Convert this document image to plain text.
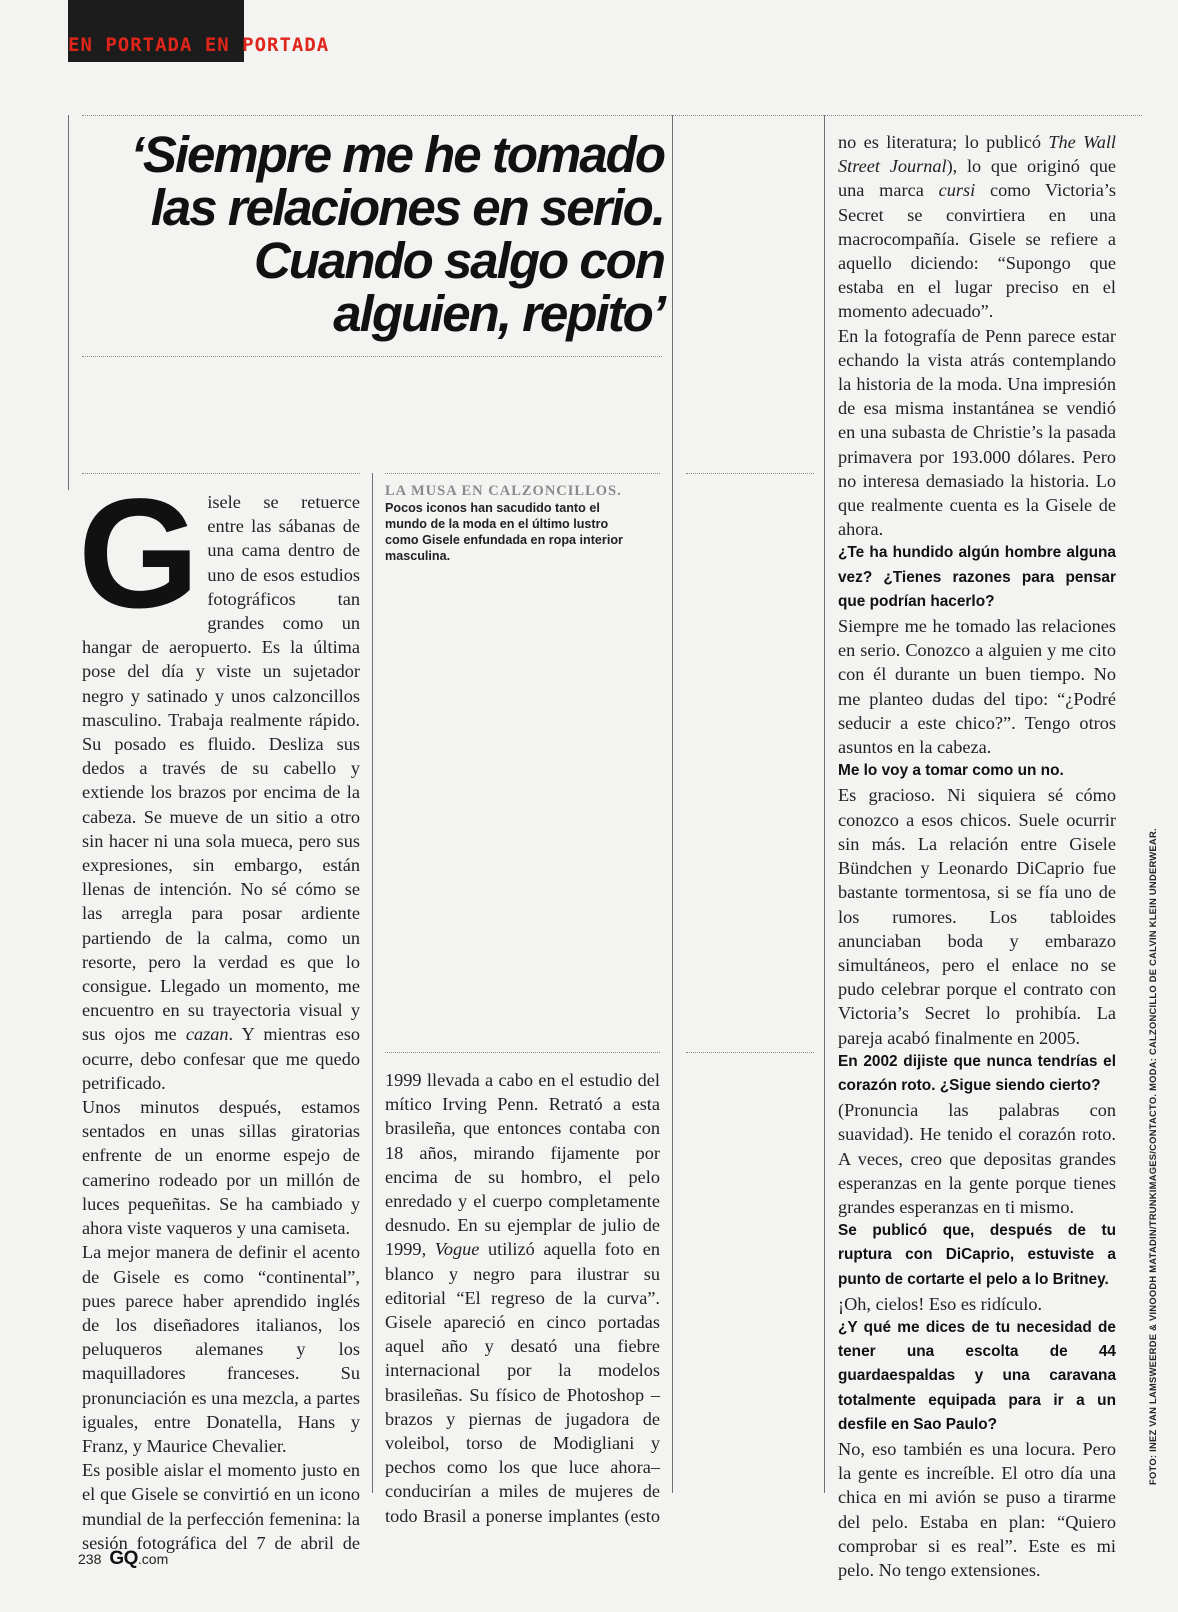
EN PORTADA EN PORTADA
‘Siempre me he tomado las relaciones en serio. Cuando salgo con alguien, repito’
G isele se retuerce entre las sábanas de una cama dentro de uno de esos estudios fotográficos tan grandes como un hangar de aeropuerto. Es la última pose del día y viste un sujetador negro y satinado y unos calzoncillos masculino. Trabaja realmente rápido. Su posado es fluido. Desliza sus dedos a través de su cabello y extiende los brazos por encima de la cabeza. Se mueve de un sitio a otro sin hacer ni una sola mueca, pero sus expresiones, sin embargo, están llenas de intención. No sé cómo se las arregla para posar ardiente partiendo de la calma, como un resorte, pero la verdad es que lo consigue. Llegado un momento, me encuentro en su trayectoria visual y sus ojos me cazan. Y mientras eso ocurre, debo confesar que me quedo petrificado.

Unos minutos después, estamos sentados en unas sillas giratorias enfrente de un enorme espejo de camerino rodeado por un millón de luces pequeñitas. Se ha cambiado y ahora viste vaqueros y una camiseta.

La mejor manera de definir el acento de Gisele es como “continental”, pues parece haber aprendido inglés de los diseñadores italianos, los peluqueros alemanes y los maquilladores franceses. Su pronunciación es una mezcla, a partes iguales, entre Donatella, Hans y Franz, y Maurice Chevalier.

Es posible aislar el momento justo en el que Gisele se convirtió en un icono mundial de la perfección femenina: la sesión fotográfica del 7 de abril de

LA MUSA EN CALZONCILLOS.
Pocos iconos han sacudido tanto el mundo de la moda en el último lustro como Gisele enfundada en ropa interior masculina.

1999 llevada a cabo en el estudio del mítico Irving Penn. Retrató a esta brasileña, que entonces contaba con 18 años, mirando fijamente por encima de su hombro, el pelo enredado y el cuerpo completamente desnudo. En su ejemplar de julio de 1999, Vogue utilizó aquella foto en blanco y negro para ilustrar su editorial “El regreso de la curva”. Gisele apareció en cinco portadas aquel año y desató una fiebre internacional por la modelos brasileñas. Su físico de Photoshop –brazos y piernas de jugadora de voleibol, torso de Modigliani y pechos como los que luce ahora– conducirían a miles de mujeres de todo Brasil a ponerse implantes (esto

no es literatura; lo publicó The Wall Street Journal), lo que originó que una marca cursi como Victoria’s Secret se convirtiera en una macrocompañía. Gisele se refiere a aquello diciendo: “Supongo que estaba en el lugar preciso en el momento adecuado”.

En la fotografía de Penn parece estar echando la vista atrás contemplando la historia de la moda. Una impresión de esa misma instantánea se vendió en una subasta de Christie’s la pasada primavera por 193.000 dólares. Pero no interesa demasiado la historia. Lo que realmente cuenta es la Gisele de ahora.

¿Te ha hundido algún hombre alguna vez? ¿Tienes razones para pensar que podrían hacerlo?

Siempre me he tomado las relaciones en serio. Conozco a alguien y me cito con él durante un buen tiempo. No me planteo dudas del tipo: “¿Podré seducir a este chico?”. Tengo otros asuntos en la cabeza.

Me lo voy a tomar como un no.

Es gracioso. Ni siquiera sé cómo conozco a esos chicos. Suele ocurrir sin más. La relación entre Gisele Bündchen y Leonardo DiCaprio fue bastante tormentosa, si se fía uno de los rumores. Los tabloides anunciaban boda y embarazo simultáneos, pero el enlace no se pudo celebrar porque el contrato con Victoria’s Secret lo prohibía. La pareja acabó finalmente en 2005.

En 2002 dijiste que nunca tendrías el corazón roto. ¿Sigue siendo cierto?

(Pronuncia las palabras con suavidad). He tenido el corazón roto. A veces, creo que depositas grandes esperanzas en la gente porque tienes grandes esperanzas en ti mismo.

Se publicó que, después de tu ruptura con DiCaprio, estuviste a punto de cortarte el pelo a lo Britney.

¡Oh, cielos! Eso es ridículo.

¿Y qué me dices de tu necesidad de tener una escolta de 44 guardaespaldas y una caravana totalmente equipada para ir a un desfile en Sao Paulo?

No, eso también es una locura. Pero la gente es increíble. El otro día una chica en mi avión se puso a tirarme del pelo. Estaba en plan: “Quiero comprobar si es real”. Este es mi pelo. No tengo extensiones.

FOTO: INEZ VAN LAMSWEERDE & VINOODH MATADIN/TRUNKIMAGES/CONTACTO. MODA: CALZONCILLO DE CALVIN KLEIN UNDERWEAR.
238 GQ .com
